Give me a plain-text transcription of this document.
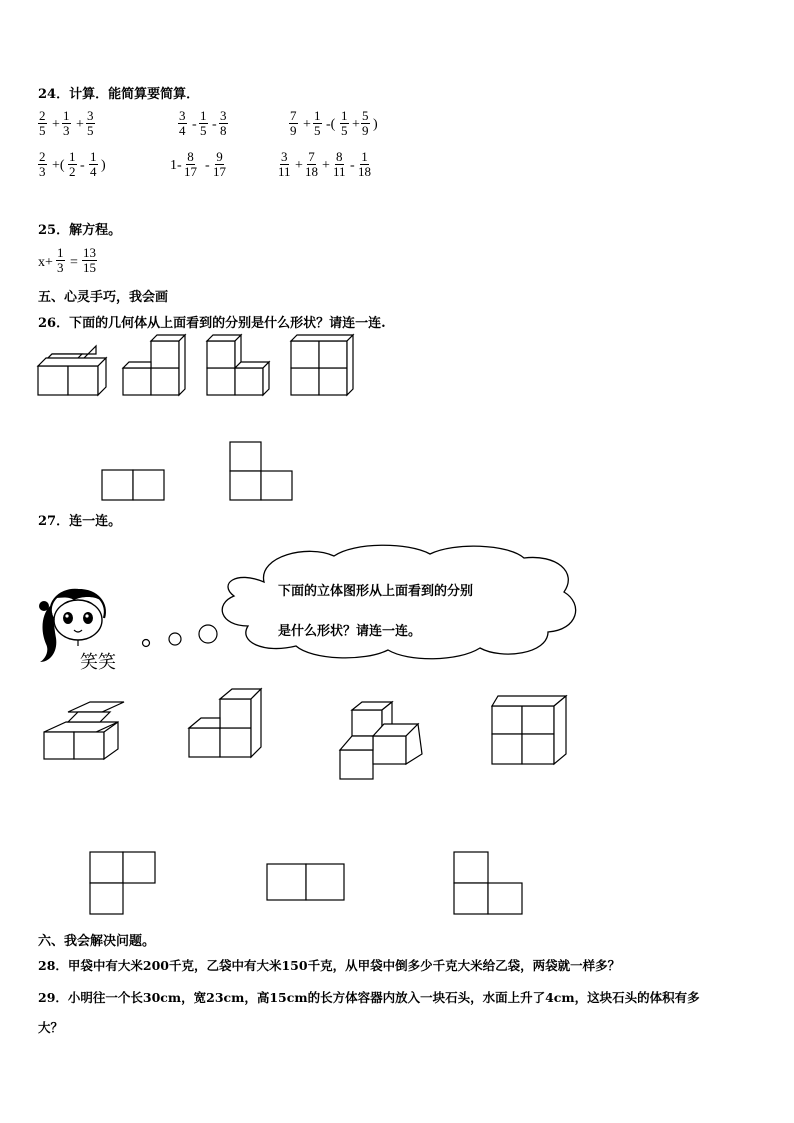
24．计算．能简算要简算．
$\frac{2}{5} + \frac{1}{3} + \frac{3}{5}$	$\frac{3}{4} - \frac{1}{5} - \frac{3}{8}$	$\frac{7}{9} + \frac{1}{5}$ -( $\frac{1}{5} + \frac{5}{9}$ )
$\frac{2}{3}$ +( $\frac{1}{2} - \frac{1}{4}$ )	$1- \frac{8}{17} - \frac{9}{17}$	$\frac{3}{11} + \frac{7}{18} + \frac{8}{11} - \frac{1}{18}$
25．解方程。
$x+ \frac{1}{3} = \frac{13}{15}$
五、心灵手巧，我会画
26．下面的几何体从上面看到的分别是什么形状？请连一连.
27．连一连。
笑笑
下面的立体图形从上面看到的分别
是什么形状？请连一连。
六、我会解决问题。
28．甲袋中有大米200千克，乙袋中有大米150千克，从甲袋中倒多少千克大米给乙袋，两袋就一样多？
29．小明往一个长30cm，宽23cm，高15cm的长方体容器内放入一块石头，水面上升了4cm，这块石头的体积有多
大？
